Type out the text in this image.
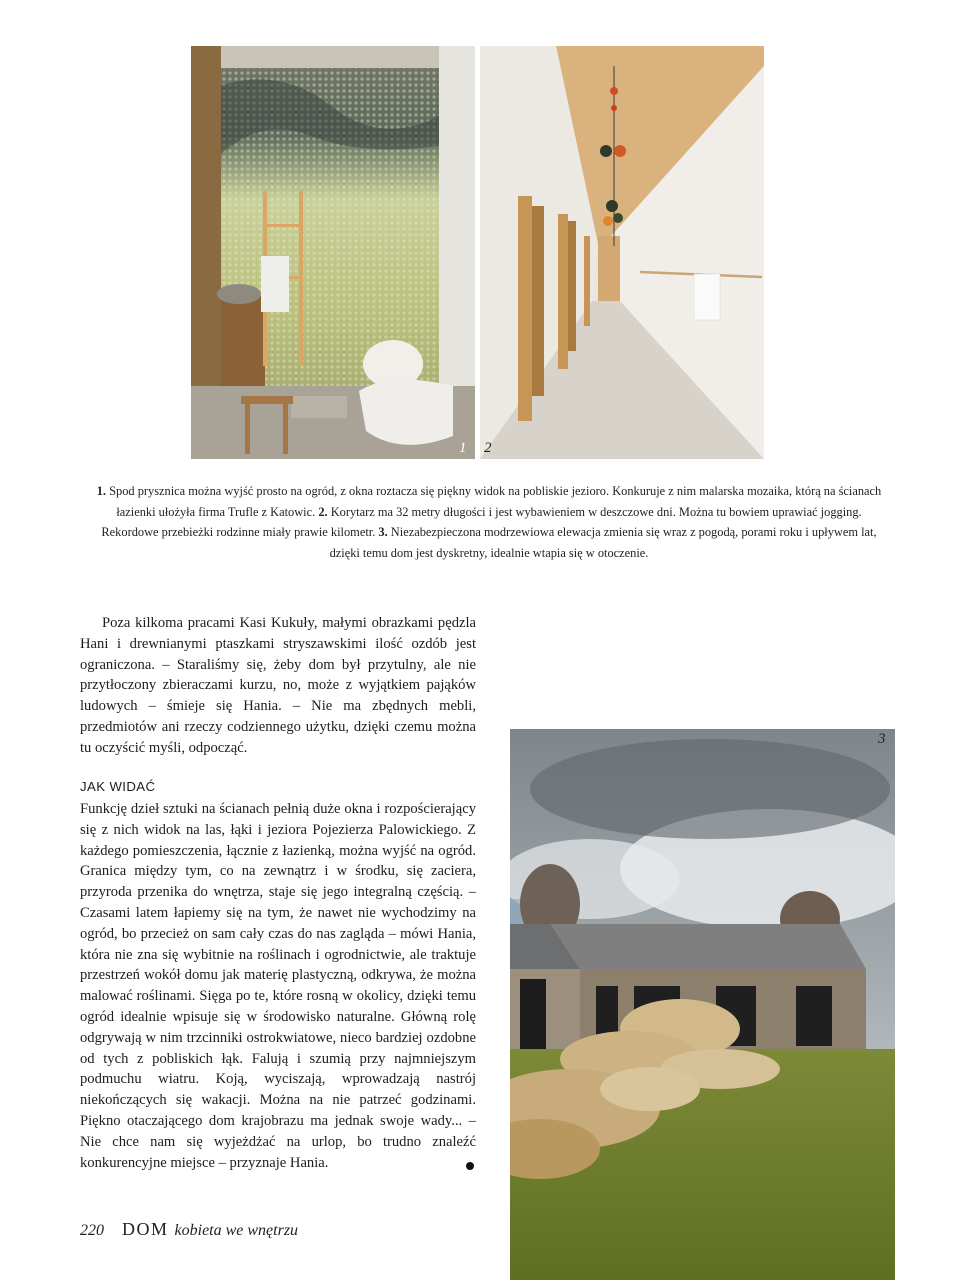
1 2
1. Spod prysznica można wyjść prosto na ogród, z okna roztacza się piękny widok na pobliskie jezioro. Konkuruje z nim malarska mozaika, którą na ścianach łazienki ułożyła firma Trufle z Katowic. 2. Korytarz ma 32 metry długości i jest wybawieniem w deszczowe dni. Można tu bowiem uprawiać jogging. Rekordowe przebieżki rodzinne miały prawie kilometr. 3. Niezabezpieczona modrzewiowa elewacja zmienia się wraz z pogodą, porami roku i upływem lat, dzięki temu dom jest dyskretny, idealnie wtapia się w otoczenie.

Poza kilkoma pracami Kasi Kukuły, małymi obrazkami pędzla Hani i drewnianymi ptaszkami stryszawskimi ilość ozdób jest ograniczona. – Staraliśmy się, żeby dom był przytulny, ale nie przytłoczony zbieraczami kurzu, no, może z wyjątkiem pająków ludowych – śmieje się Hania. – Nie ma zbędnych mebli, przedmiotów ani rzeczy codziennego użytku, dzięki czemu można tu oczyścić myśli, odpocząć.

JAK WIDAĆ

Funkcję dzieł sztuki na ścianach pełnią duże okna i rozpościerający się z nich widok na las, łąki i jeziora Pojezierza Palowickiego. Z każdego pomieszczenia, łącznie z łazienką, można wyjść na ogród. Granica między tym, co na zewnątrz i w środku, się zaciera, przyroda przenika do wnętrza, staje się jego integralną częścią. – Czasami latem łapiemy się na tym, że nawet nie wychodzimy na ogród, bo przecież on sam cały czas do nas zagląda – mówi Hania, która nie zna się wybitnie na roślinach i ogrodnictwie, ale traktuje przestrzeń wokół domu jak materię plastyczną, odkrywa, że można malować roślinami. Sięga po te, które rosną w okolicy, dzięki temu ogród idealnie wpisuje się w środowisko naturalne. Główną rolę odgrywają w nim trzcinniki ostrokwiatowe, nieco bardziej ozdobne od tych z pobliskich łąk. Falują i szumią przy najmniejszym podmuchu wiatru. Koją, wyciszają, wprowadzają nastrój niekończących się wakacji. Można na nie patrzeć godzinami. Piękno otaczającego dom krajobrazu ma jednak swoje wady... – Nie chce nam się wyjeżdżać na urlop, bo trudno znaleźć konkurencyjne miejsce – przyznaje Hania.

3
220 DOM kobieta we wnętrzu
